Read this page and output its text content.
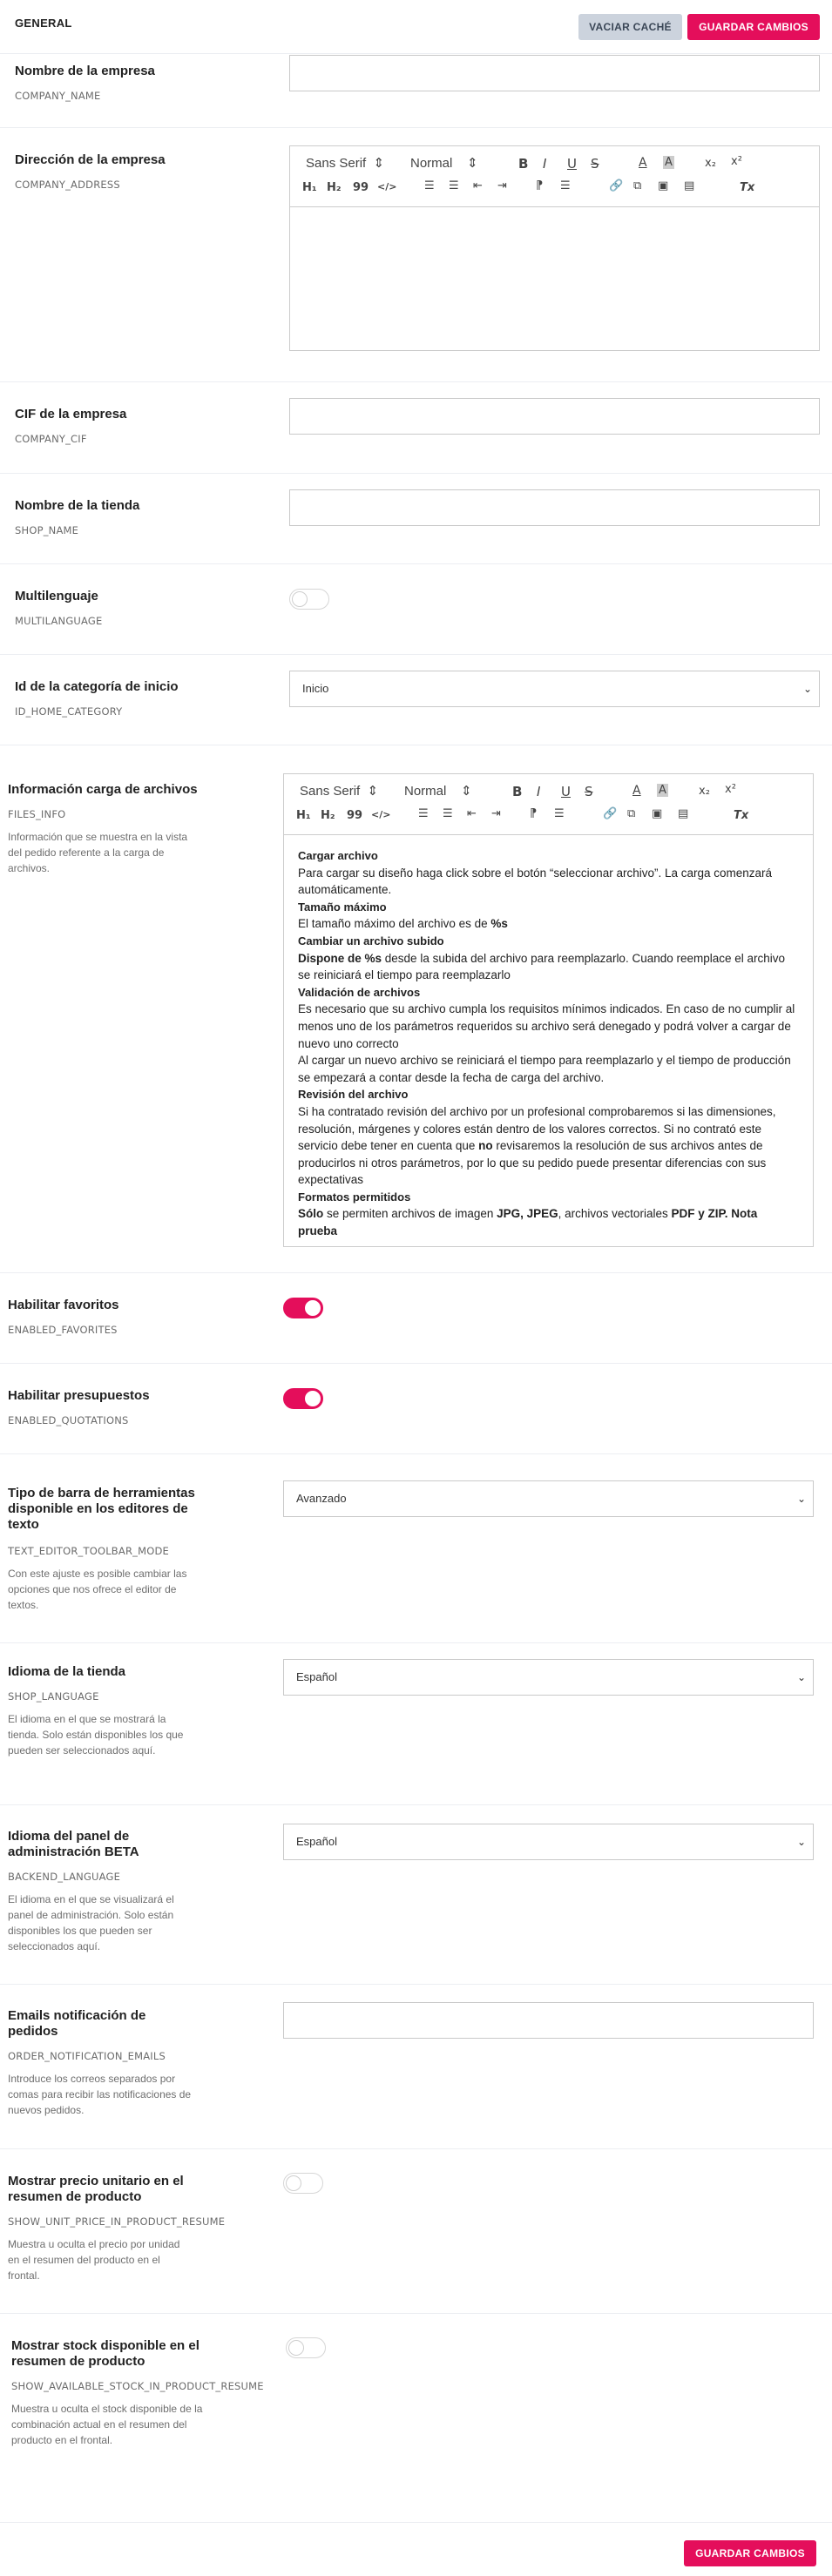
GENERAL	VACIAR CACHÉ	GUARDAR CAMBIOS
Nombre de la empresa
COMPANY_NAME
Dirección de la empresa
COMPANY_ADDRESS
Sans Serif  ⇕ Normal    ⇕	B I U S	A A	x₂ x²
H₁ H₂ 99 </> ☰ ☰ ⇤ ⇥	⁋ ☰	🔗 ⧉ ▣ ▤	Tx
CIF de la empresa
COMPANY_CIF
Nombre de la tienda
SHOP_NAME
Multilenguaje
MULTILANGUAGE
Id de la categoría de inicio
ID_HOME_CATEGORY
Inicio	⌄
Información carga de archivos
FILES_INFO
Información que se muestra en la vista del pedido referente a la carga de archivos.
Sans Serif  ⇕ Normal    ⇕	B I U S	A A	x₂ x²
H₁ H₂ 99 </> ☰ ☰ ⇤ ⇥	⁋ ☰	🔗 ⧉ ▣ ▤	Tx
Cargar archivo
Para cargar su diseño haga click sobre el botón “seleccionar archivo”. La carga comenzará automáticamente.
Tamaño máximo
El tamaño máximo del archivo es de %s
Cambiar un archivo subido
Dispone de %s desde la subida del archivo para reemplazarlo. Cuando reemplace el archivo se reiniciará el tiempo para reemplazarlo
Validación de archivos
Es necesario que su archivo cumpla los requisitos mínimos indicados. En caso de no cumplir al menos uno de los parámetros requeridos su archivo será denegado y podrá volver a cargar de nuevo uno correcto
Al cargar un nuevo archivo se reiniciará el tiempo para reemplazarlo y el tiempo de producción se empezará a contar desde la fecha de carga del archivo.
Revisión del archivo
Si ha contratado revisión del archivo por un profesional comprobaremos si las dimensiones, resolución, márgenes y colores están dentro de los valores correctos. Si no contrató este servicio debe tener en cuenta que no revisaremos la resolución de sus archivos antes de producirlos ni otros parámetros, por lo que su pedido puede presentar diferencias con sus expectativas
Formatos permitidos
Sólo se permiten archivos de imagen JPG, JPEG, archivos vectoriales PDF y ZIP. Nota prueba
Habilitar favoritos
ENABLED_FAVORITES
Habilitar presupuestos
ENABLED_QUOTATIONS
Tipo de barra de herramientas disponible en los editores de texto
TEXT_EDITOR_TOOLBAR_MODE
Con este ajuste es posible cambiar las opciones que nos ofrece el editor de textos.
Avanzado	⌄
Idioma de la tienda
SHOP_LANGUAGE
El idioma en el que se mostrará la tienda. Solo están disponibles los que pueden ser seleccionados aquí.
Español	⌄
Idioma del panel de administración BETA
BACKEND_LANGUAGE
El idioma en el que se visualizará el panel de administración. Solo están disponibles los que pueden ser seleccionados aquí.
Español	⌄
Emails notificación de pedidos
ORDER_NOTIFICATION_EMAILS
Introduce los correos separados por comas para recibir las notificaciones de nuevos pedidos.
Mostrar precio unitario en el resumen de producto
SHOW_UNIT_PRICE_IN_PRODUCT_RESUME
Muestra u oculta el precio por unidad en el resumen del producto en el frontal.
Mostrar stock disponible en el resumen de producto
SHOW_AVAILABLE_STOCK_IN_PRODUCT_RESUME
Muestra u oculta el stock disponible de la combinación actual en el resumen del producto en el frontal.
GUARDAR CAMBIOS
